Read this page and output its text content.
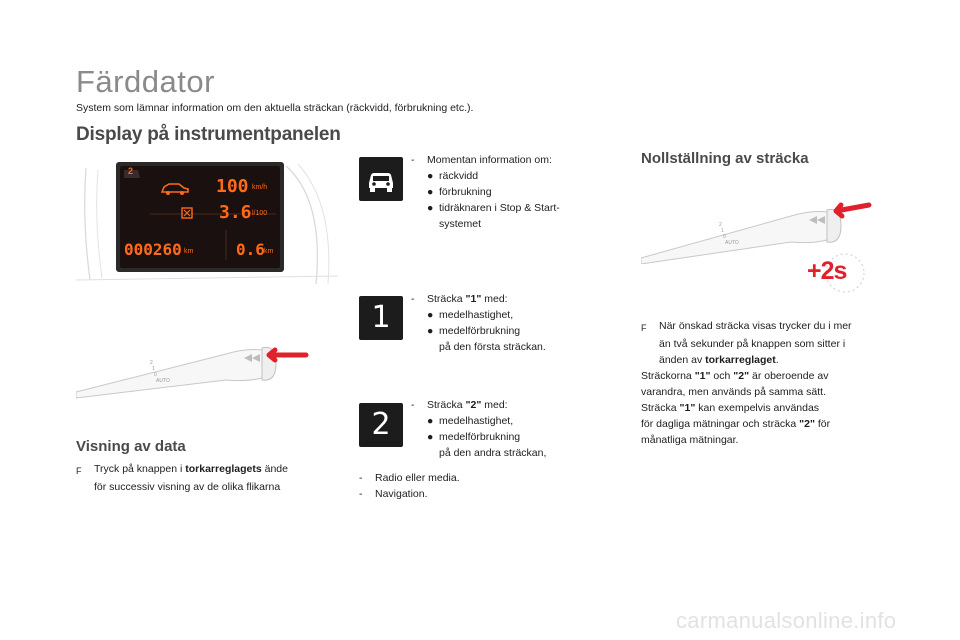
Färddator
System som lämnar information om den aktuella sträckan (räckvidd, förbrukning etc.).
Display på instrumentpanelen
2
100 km/h
3.6 l/100
000260 km	0.6 km
2
1
0
AUTO
Visning av data
F	Tryck på knappen i torkarreglagets ände
för successiv visning av de olika flikarna
-	Momentan information om:
● räckvidd
● förbrukning
● tidräknaren i Stop & Start-
systemet
1
-	Sträcka "1" med:
● medelhastighet,
● medelförbrukning
på den första sträckan.
2
-	Sträcka "2" med:
● medelhastighet,
● medelförbrukning
på den andra sträckan,
-	Radio eller media.
-	Navigation.
Nollställning av sträcka
2
1
0
AUTO
+2s
F	När önskad sträcka visas trycker du i mer
än två sekunder på knappen som sitter i
änden av torkarreglaget.
Sträckorna "1" och "2" är oberoende av
varandra, men används på samma sätt.
Sträcka "1" kan exempelvis användas
för dagliga mätningar och sträcka "2" för
månatliga mätningar.
carmanualsonline.info
